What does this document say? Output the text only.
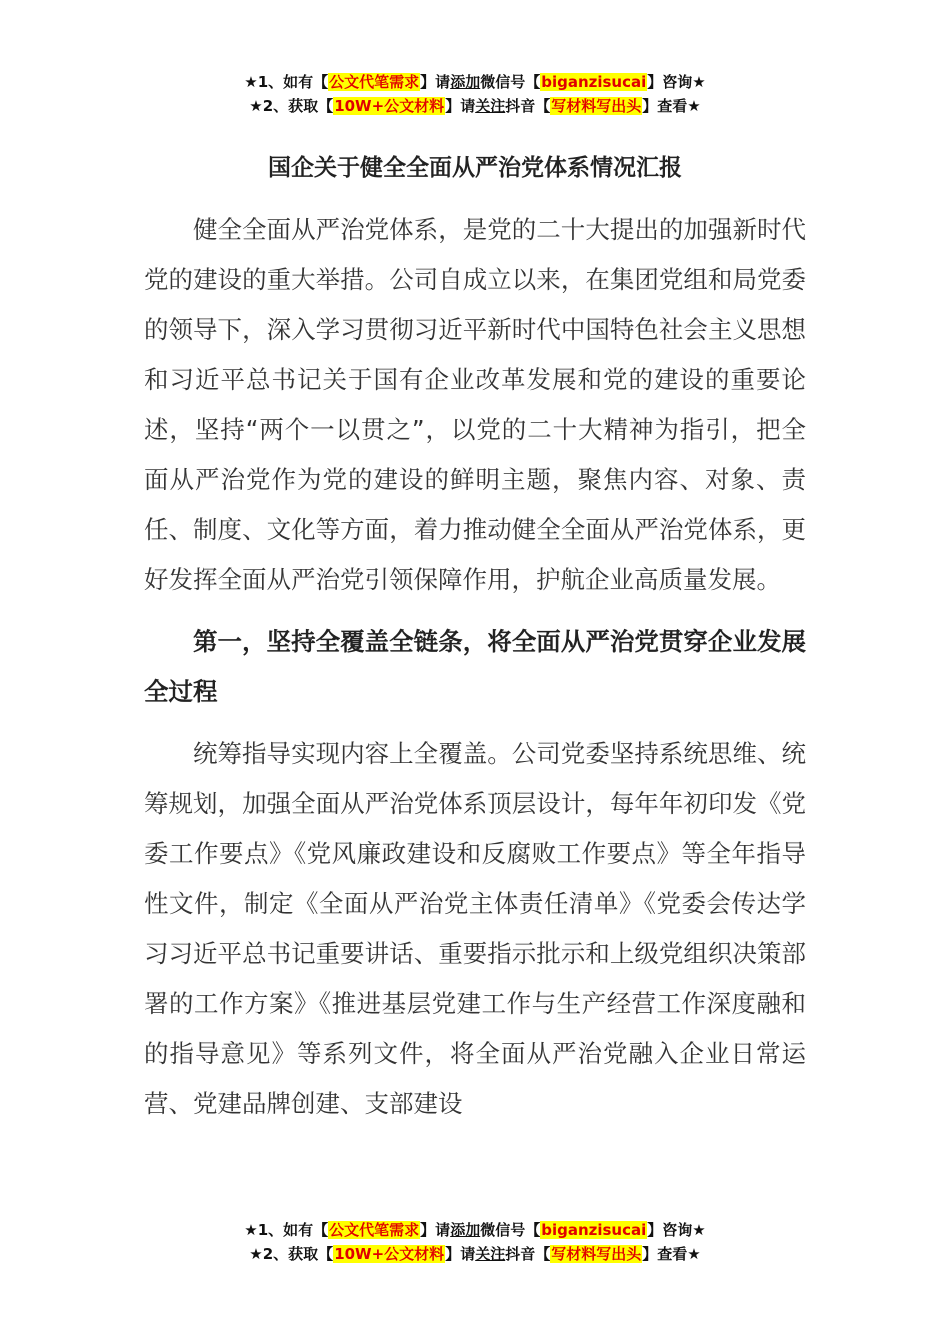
★1、如有【公文代笔需求】请添加微信号【biganzisucai】咨询★
★2、获取【10W+公文材料】请关注抖音【写材料写出头】查看★
国企关于健全全面从严治党体系情况汇报

健全全面从严治党体系，是党的二十大提出的加强新时代党的建设的重大举措。公司自成立以来，在集团党组和局党委的领导下，深入学习贯彻习近平新时代中国特色社会主义思想和习近平总书记关于国有企业改革发展和党的建设的重要论述，坚持“两个一以贯之”，以党的二十大精神为指引，把全面从严治党作为党的建设的鲜明主题，聚焦内容、对象、责任、制度、文化等方面，着力推动健全全面从严治党体系，更好发挥全面从严治党引领保障作用，护航企业高质量发展。

第一，坚持全覆盖全链条，将全面从严治党贯穿企业发展全过程

统筹指导实现内容上全覆盖。公司党委坚持系统思维、统筹规划，加强全面从严治党体系顶层设计，每年年初印发《党委工作要点》《党风廉政建设和反腐败工作要点》等全年指导性文件，制定《全面从严治党主体责任清单》《党委会传达学习习近平总书记重要讲话、重要指示批示和上级党组织决策部署的工作方案》《推进基层党建工作与生产经营工作深度融和的指导意见》等系列文件，将全面从严治党融入企业日常运营、党建品牌创建、支部建设

★1、如有【公文代笔需求】请添加微信号【biganzisucai】咨询★
★2、获取【10W+公文材料】请关注抖音【写材料写出头】查看★
